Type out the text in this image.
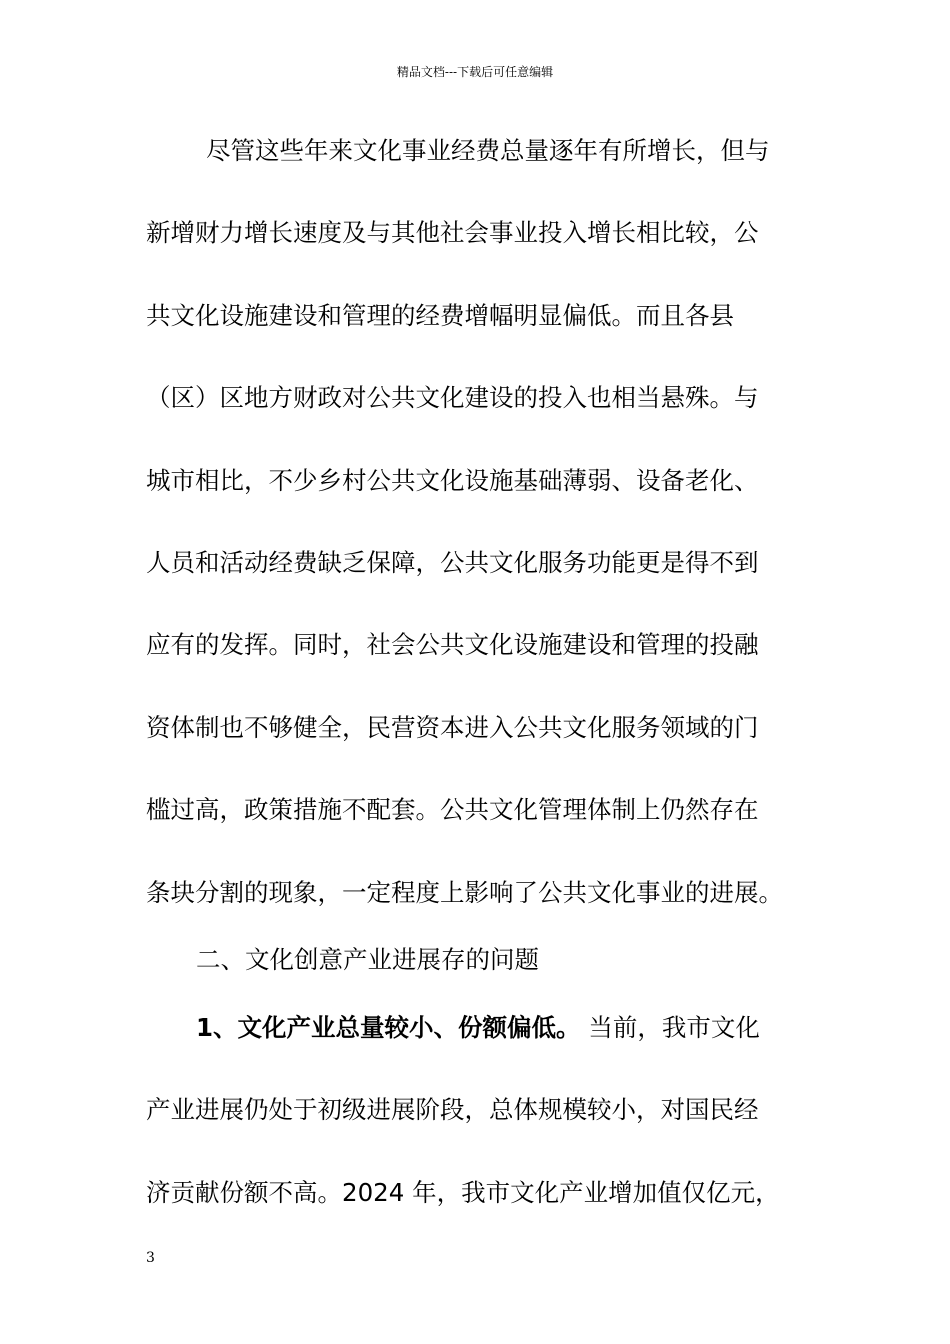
精品文档---下载后可任意编辑
尽管这些年来文化事业经费总量逐年有所增长，但与
新增财力增长速度及与其他社会事业投入增长相比较，公
共文化设施建设和管理的经费增幅明显偏低。而且各县
（区）区地方财政对公共文化建设的投入也相当悬殊。与
城市相比，不少乡村公共文化设施基础薄弱、设备老化、
人员和活动经费缺乏保障，公共文化服务功能更是得不到
应有的发挥。同时，社会公共文化设施建设和管理的投融
资体制也不够健全，民营资本进入公共文化服务领域的门
槛过高，政策措施不配套。公共文化管理体制上仍然存在
条块分割的现象，一定程度上影响了公共文化事业的进展。
二、文化创意产业进展存的问题
1、文化产业总量较小、份额偏低。 当前，我市文化
产业进展仍处于初级进展阶段，总体规模较小，对国民经
济贡献份额不高。2024 年，我市文化产业增加值仅亿元，
3
